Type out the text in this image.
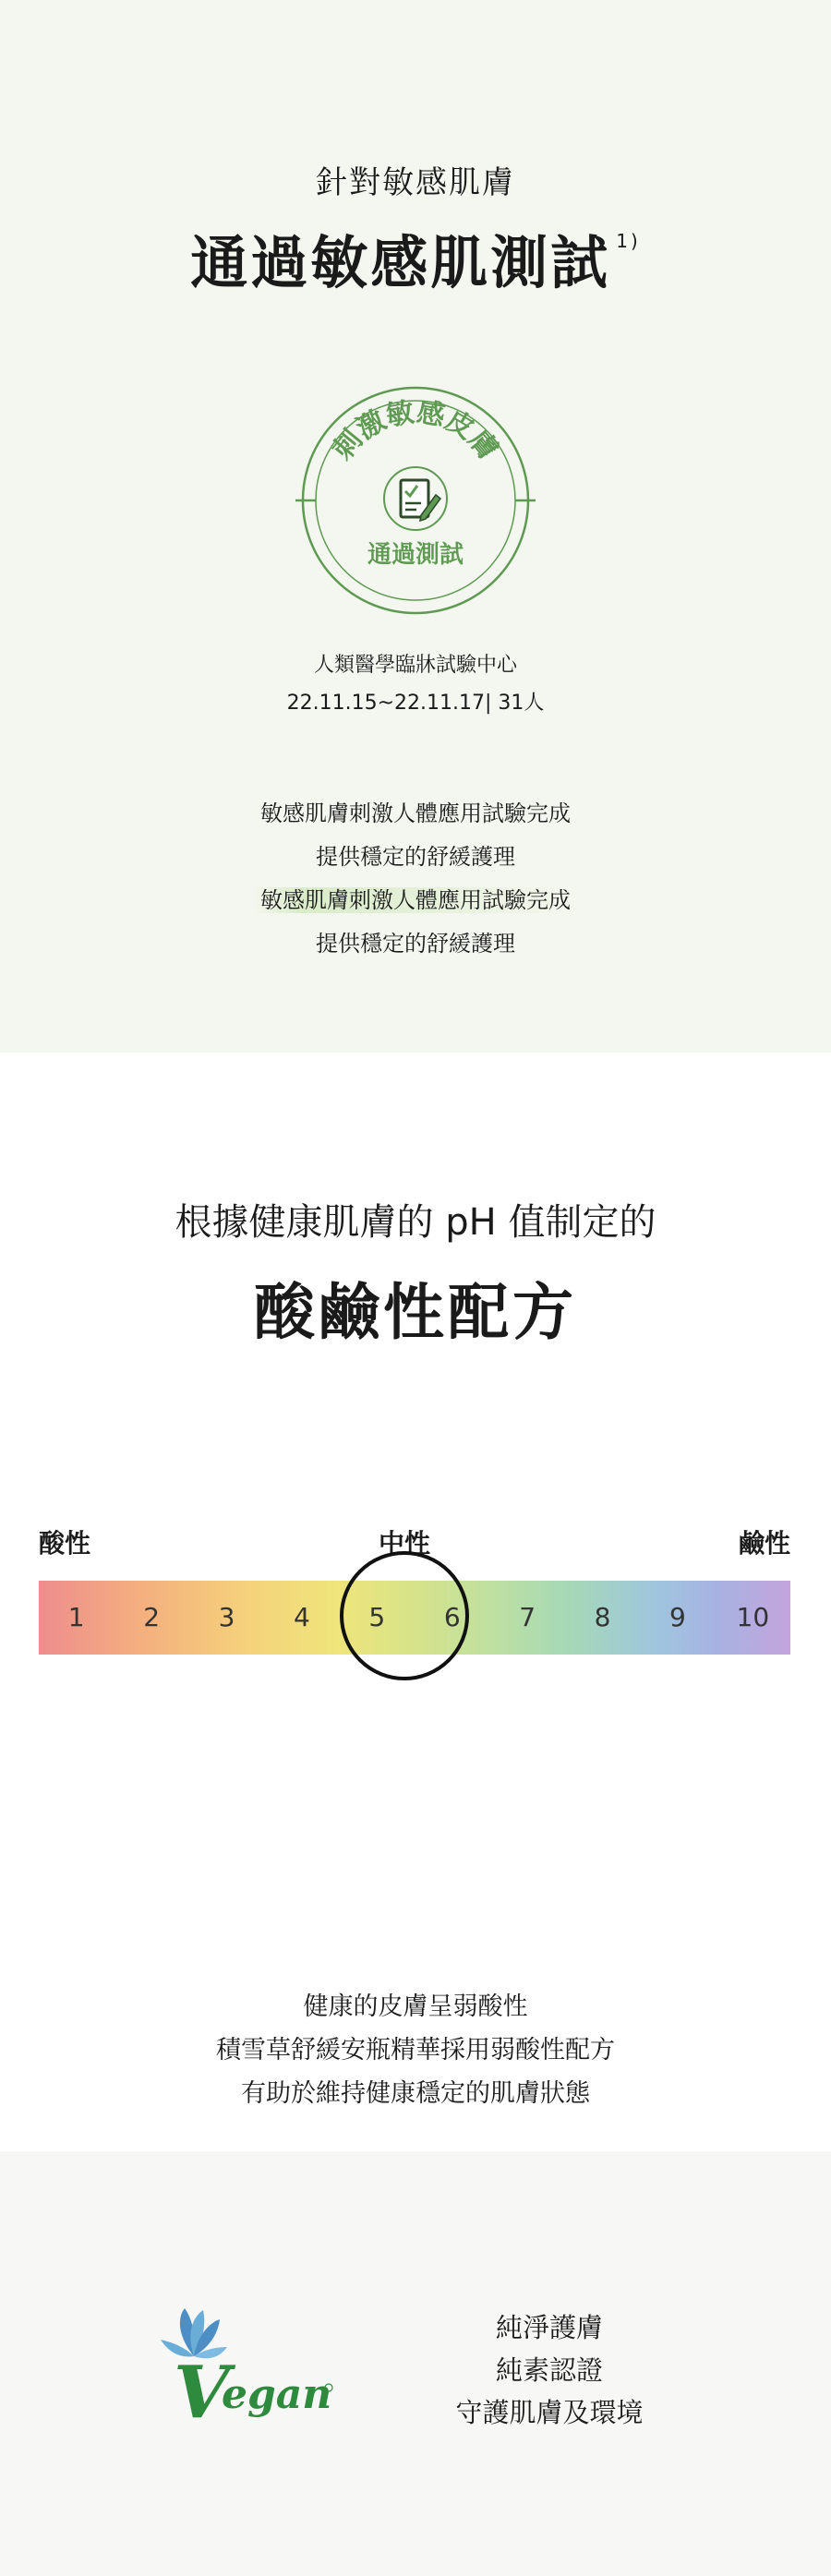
針對敏感肌膚
通過敏感肌測試 $^{1)}$
刺激敏感皮膚
通過測試
人類醫學臨牀試驗中心
22.11.15~22.11.17| 31人
敏感肌膚刺激人體應用試驗完成
提供穩定的舒緩護理
敏感肌膚刺激人體應用試驗完成
提供穩定的舒緩護理
根據健康肌膚的 pH 值制定的
酸鹼性配方
酸性	中性	鹼性
1	2	3	4	5	6	7	8	9	10
健康的皮膚呈弱酸性
積雪草舒緩安瓶精華採用弱酸性配方
有助於維持健康穩定的肌膚狀態
V
egan
純淨護膚
純素認證
守護肌膚及環境
